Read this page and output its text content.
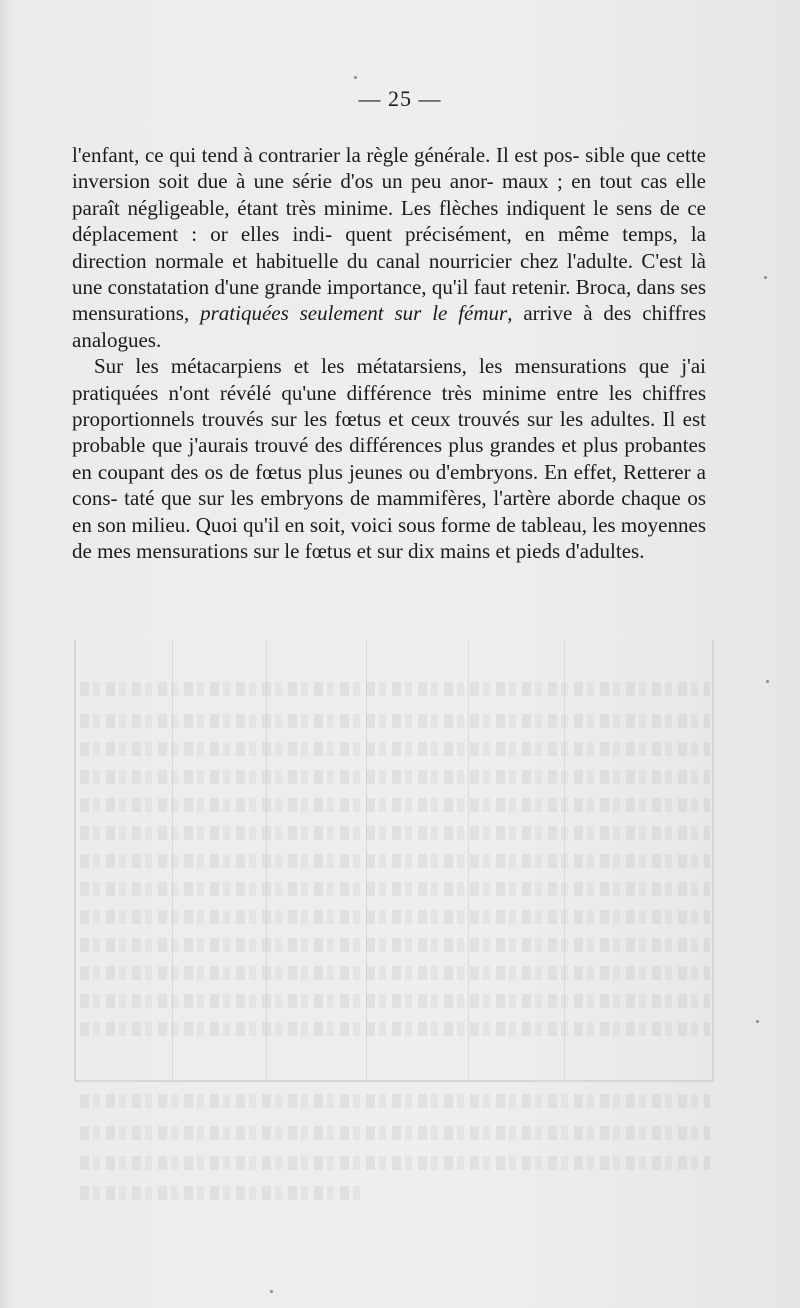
— 25 —

l'enfant, ce qui tend à contrarier la règle générale. Il est pos- sible que cette inversion soit due à une série d'os un peu anor- maux ; en tout cas elle paraît négligeable, étant très minime. Les flèches indiquent le sens de ce déplacement : or elles indi- quent précisément, en même temps, la direction normale et habituelle du canal nourricier chez l'adulte. C'est là une constatation d'une grande importance, qu'il faut retenir. Broca, dans ses mensurations, pratiquées seulement sur le fémur, arrive à des chiffres analogues.

Sur les métacarpiens et les métatarsiens, les mensurations que j'ai pratiquées n'ont révélé qu'une différence très minime entre les chiffres proportionnels trouvés sur les fœtus et ceux trouvés sur les adultes. Il est probable que j'aurais trouvé des différences plus grandes et plus probantes en coupant des os de fœtus plus jeunes ou d'embryons. En effet, Retterer a cons- taté que sur les embryons de mammifères, l'artère aborde chaque os en son milieu. Quoi qu'il en soit, voici sous forme de tableau, les moyennes de mes mensurations sur le fœtus et sur dix mains et pieds d'adultes.
